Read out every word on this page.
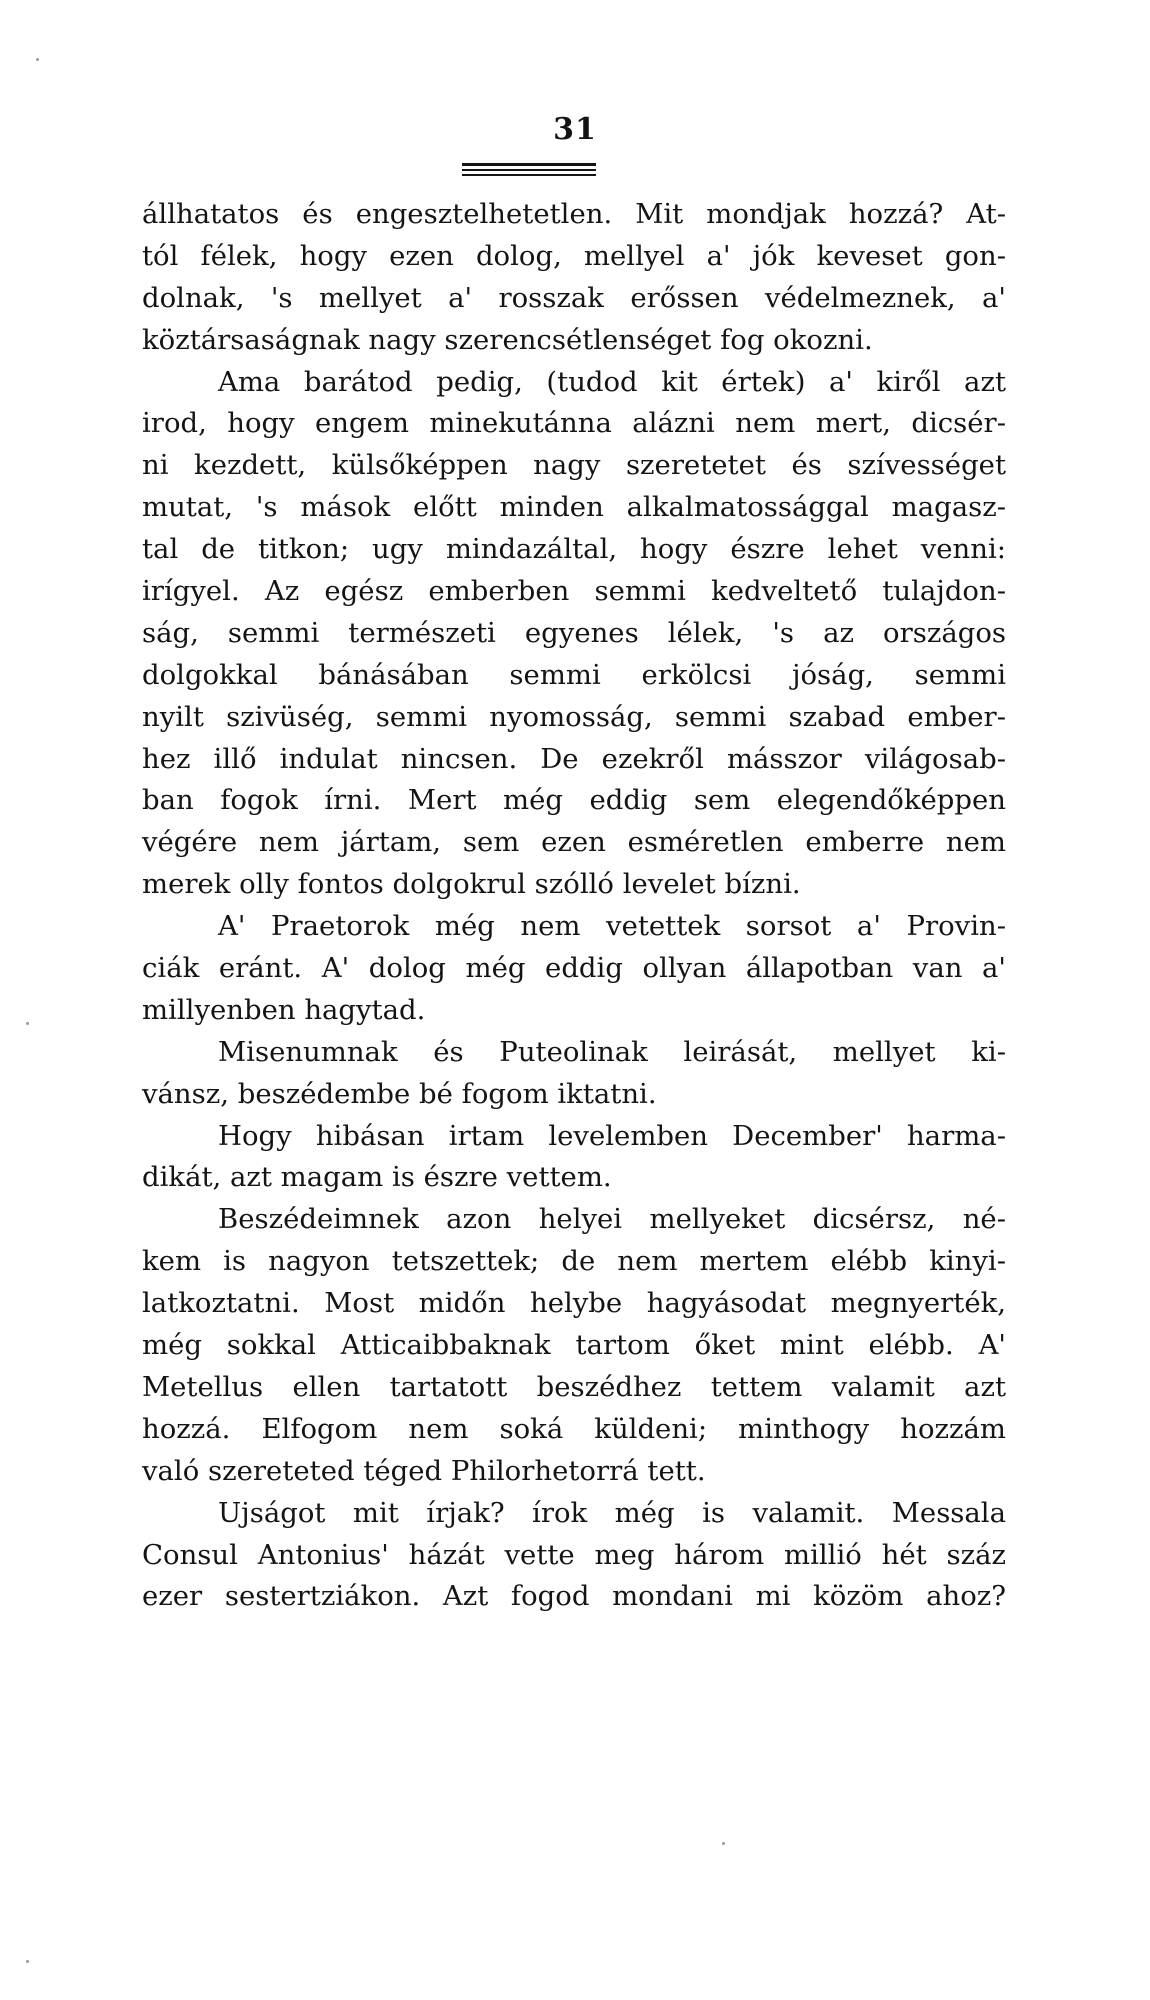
31
állhatatos és engesztelhetetlen. Mit mondjak hozzá? At-
tól félek, hogy ezen dolog, mellyel a' jók keveset gon-
dolnak, 's mellyet a' rosszak erőssen védelmeznek, a'
köztársaságnak nagy szerencsétlenséget fog okozni.
Ama barátod pedig, (tudod kit értek) a' kiről azt
irod, hogy engem minekutánna alázni nem mert, dicsér-
ni kezdett, külsőképpen nagy szeretetet és szívességet
mutat, 's mások előtt minden alkalmatossággal magasz-
tal de titkon; ugy mindazáltal, hogy észre lehet venni:
irígyel. Az egész emberben semmi kedveltető tulajdon-
ság, semmi természeti egyenes lélek, 's az országos
dolgokkal bánásában semmi erkölcsi jóság, semmi
nyilt szivüség, semmi nyomosság, semmi szabad ember-
hez illő indulat nincsen. De ezekről másszor világosab-
ban fogok írni. Mert még eddig sem elegendőképpen
végére nem jártam, sem ezen esméretlen emberre nem
merek olly fontos dolgokrul szólló levelet bízni.
A' Praetorok még nem vetettek sorsot a' Provin-
ciák eránt. A' dolog még eddig ollyan állapotban van a'
millyenben hagytad.
Misenumnak és Puteolinak leirását, mellyet ki-
vánsz, beszédembe bé fogom iktatni.
Hogy hibásan irtam levelemben December' harma-
dikát, azt magam is észre vettem.
Beszédeimnek azon helyei mellyeket dicsérsz, né-
kem is nagyon tetszettek; de nem mertem elébb kinyi-
latkoztatni. Most midőn helybe hagyásodat megnyerték,
még sokkal Atticaibbaknak tartom őket mint elébb. A'
Metellus ellen tartatott beszédhez tettem valamit azt
hozzá. Elfogom nem soká küldeni; minthogy hozzám
való szereteted téged Philorhetorrá tett.
Ujságot mit írjak? írok még is valamit. Messala
Consul Antonius' házát vette meg három millió hét száz
ezer sestertziákon. Azt fogod mondani mi közöm ahoz?
